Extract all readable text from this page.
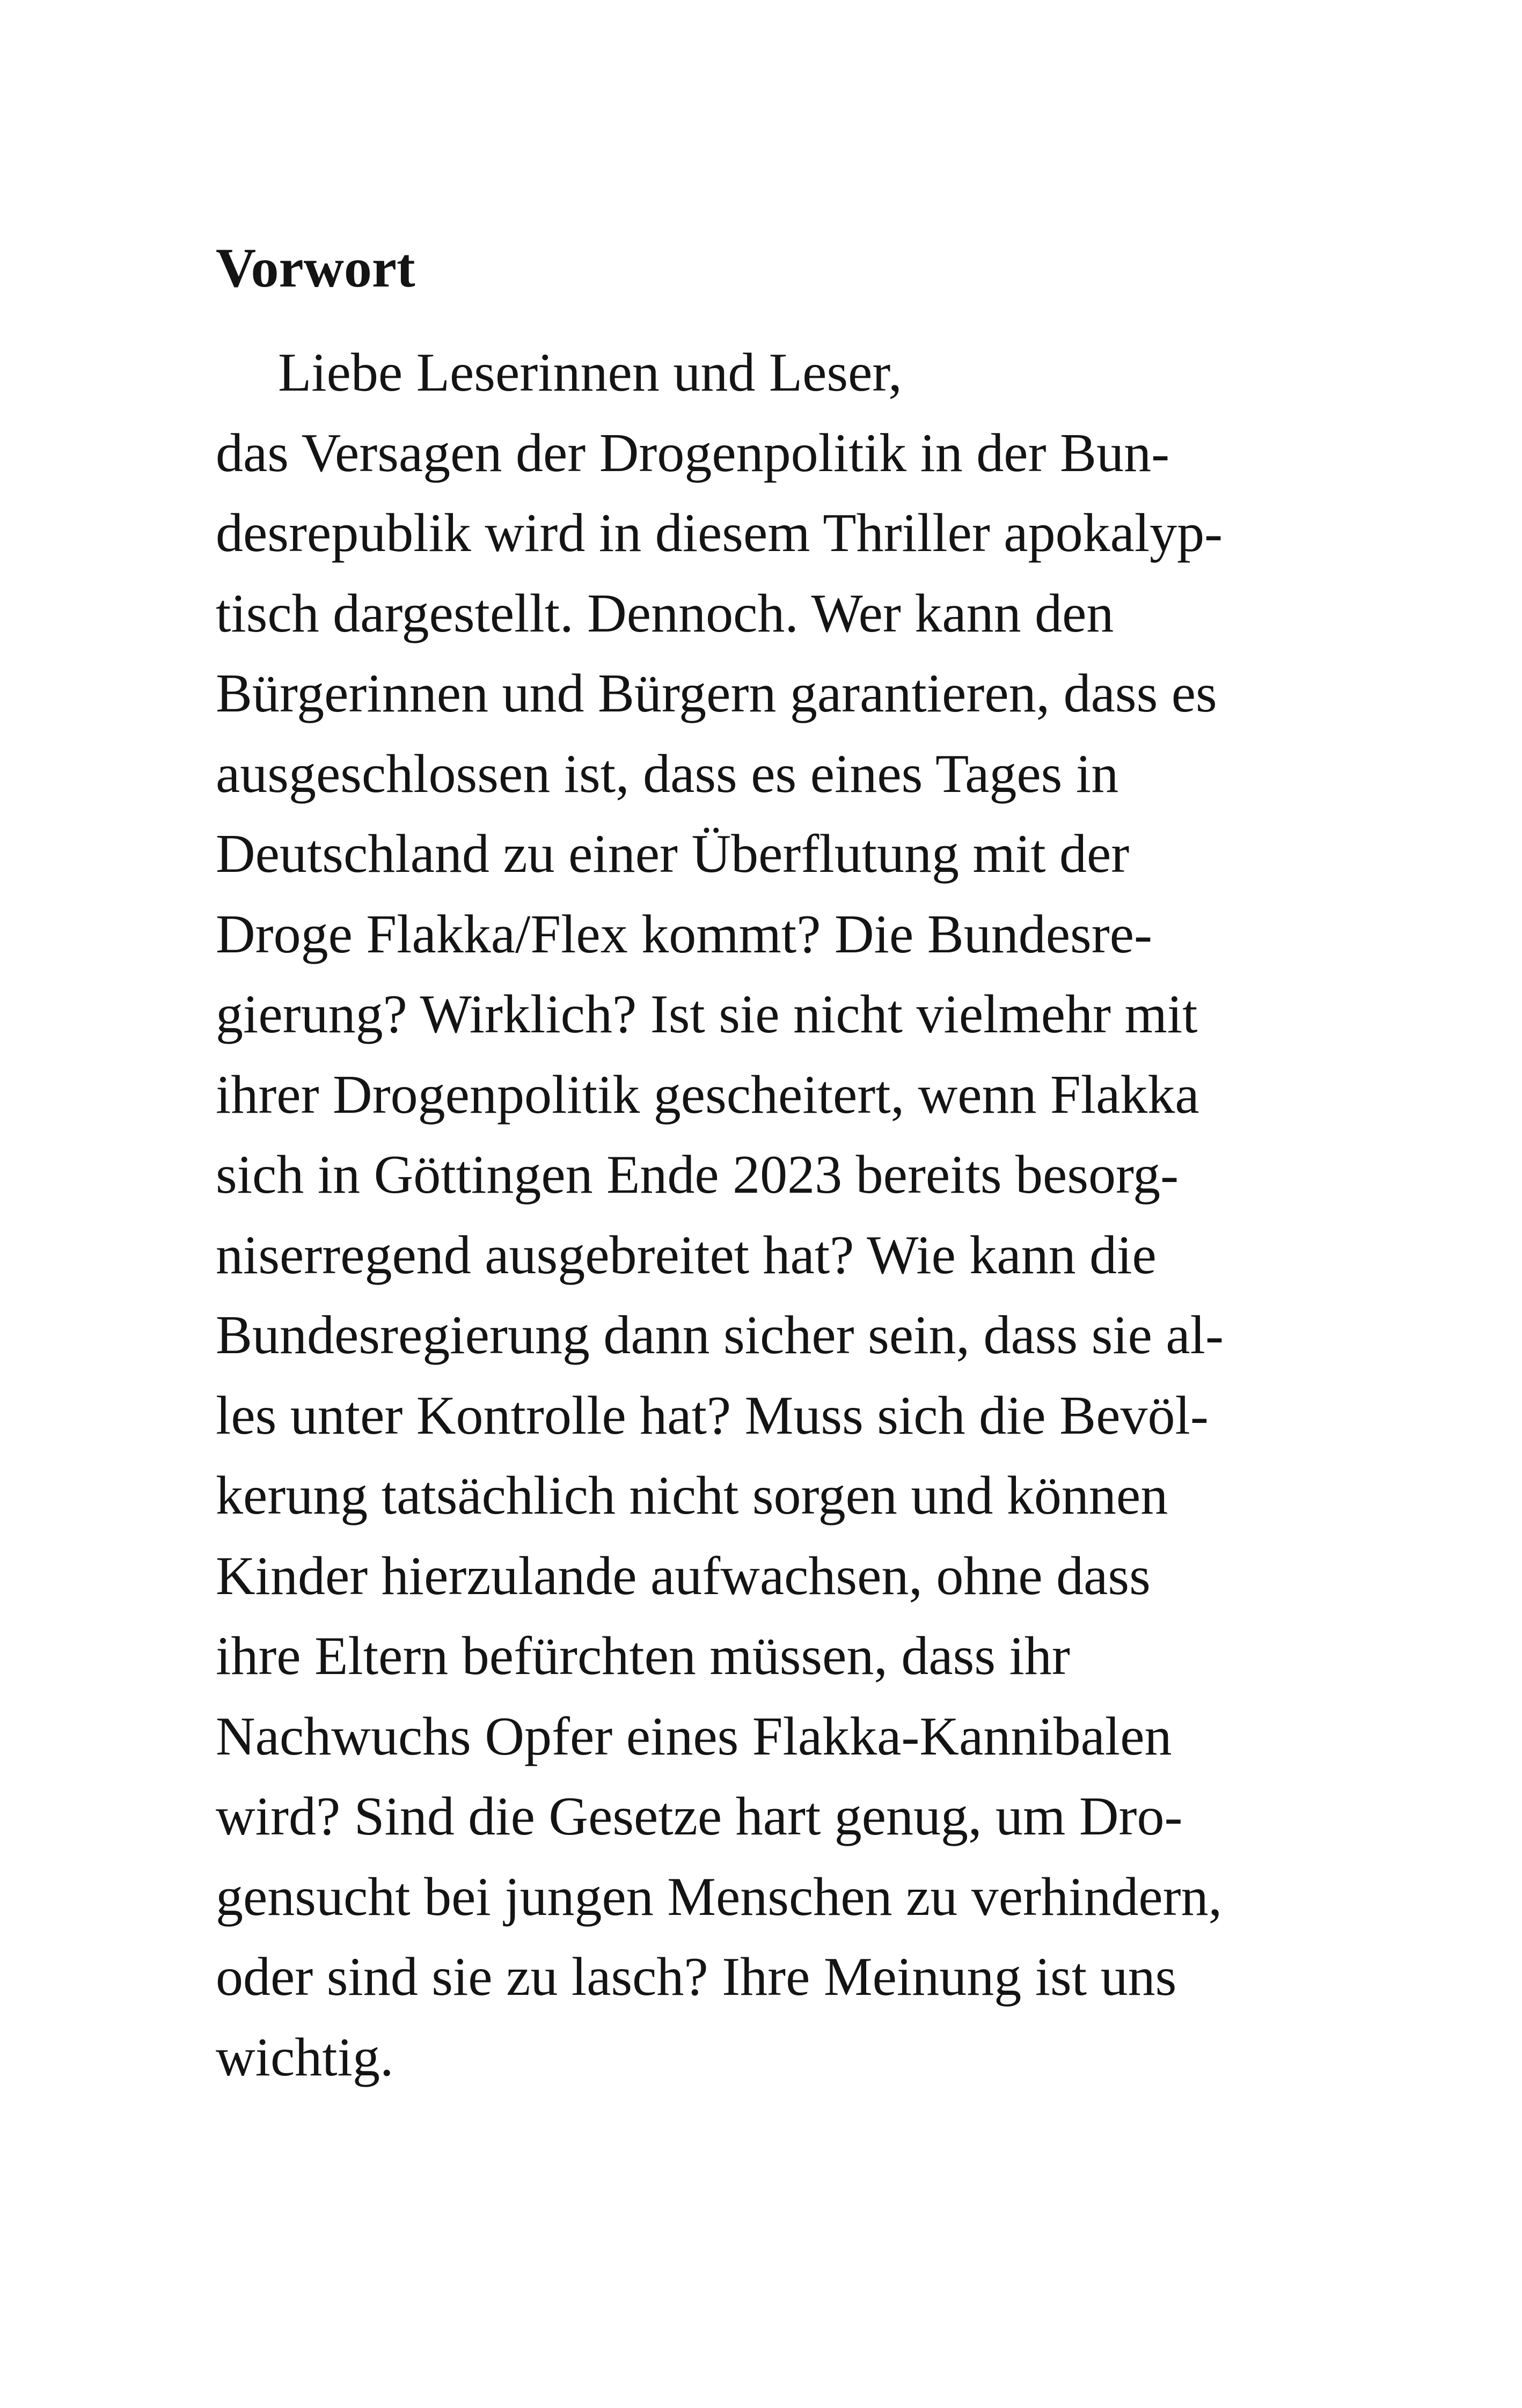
Vorwort
Liebe Leserinnen und Leser,
das Versagen der Drogenpolitik in der Bun-
desrepublik wird in diesem Thriller apokalyp-
tisch dargestellt. Dennoch. Wer kann den
Bürgerinnen und Bürgern garantieren, dass es
ausgeschlossen ist, dass es eines Tages in
Deutschland zu einer Überflutung mit der
Droge Flakka/Flex kommt? Die Bundesre-
gierung? Wirklich? Ist sie nicht vielmehr mit
ihrer Drogenpolitik gescheitert, wenn Flakka
sich in Göttingen Ende 2023 bereits besorg-
niserregend ausgebreitet hat? Wie kann die
Bundesregierung dann sicher sein, dass sie al-
les unter Kontrolle hat? Muss sich die Bevöl-
kerung tatsächlich nicht sorgen und können
Kinder hierzulande aufwachsen, ohne dass
ihre Eltern befürchten müssen, dass ihr
Nachwuchs Opfer eines Flakka-Kannibalen
wird? Sind die Gesetze hart genug, um Dro-
gensucht bei jungen Menschen zu verhindern,
oder sind sie zu lasch? Ihre Meinung ist uns
wichtig.
